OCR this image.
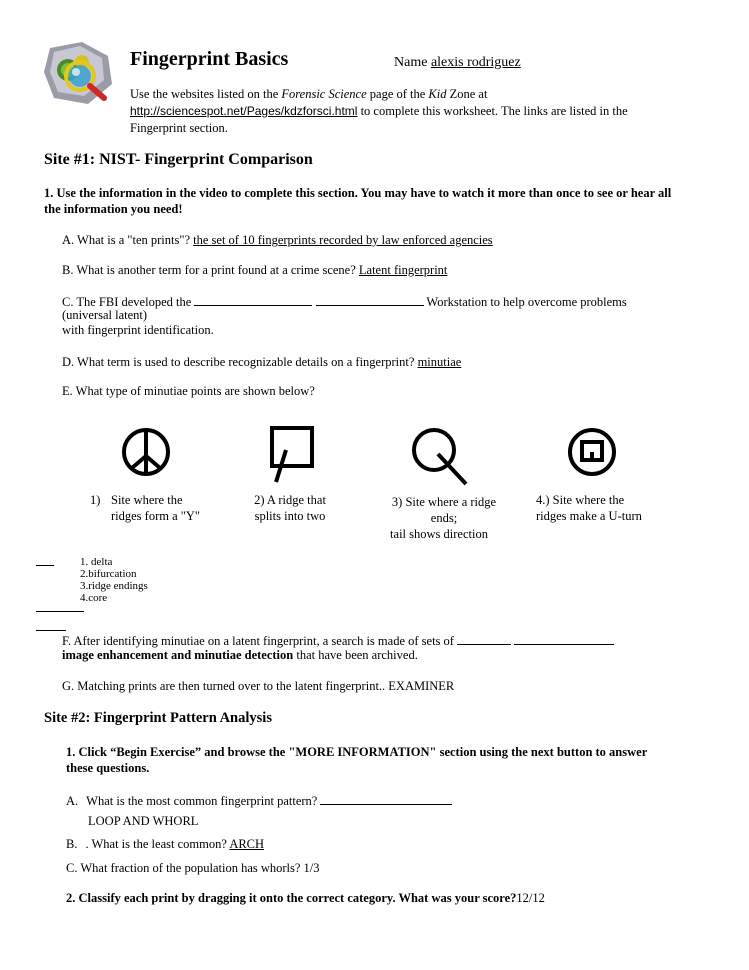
Fingerprint Basics	Name alexis rodriguez
Use the websites listed on the Forensic Science page of the Kid Zone at
http://sciencespot.net/Pages/kdzforsci.html to complete this worksheet. The links are listed in the Fingerprint section.
Site #1: NIST- Fingerprint Comparison
1. Use the information in the video to complete this section. You may have to watch it more than once to see or hear all the information you need!
A. What is a "ten prints"? the set of 10 fingerprints recorded by law enforced agencies
B. What is another term for a print found at a crime scene? Latent fingerprint
C. The FBI developed the	Workstation to help overcome problems
(universal latent)
with fingerprint identification.
D. What term is used to describe recognizable details on a fingerprint? minutiae
E. What type of minutiae points are shown below?
1) Site where the ridges form a "Y"
2) A ridge that splits into two
3) Site where a ridge ends;
tail shows direction
4.) Site where the ridges make a U-turn
1. delta
2.bifurcation
3.ridge endings
4.core
F. After identifying minutiae on a latent fingerprint, a search is made of sets of
image enhancement and minutiae detection that have been archived.
G. Matching prints are then turned over to the latent fingerprint.. EXAMINER
Site #2: Fingerprint Pattern Analysis
1. Click “Begin Exercise” and browse the "MORE INFORMATION" section using the next button to answer these questions.
A. What is the most common fingerprint pattern?
LOOP AND WHORL
B. . What is the least common? ARCH
C. What fraction of the population has whorls? 1/3
2. Classify each print by dragging it onto the correct category. What was your score?12/12
